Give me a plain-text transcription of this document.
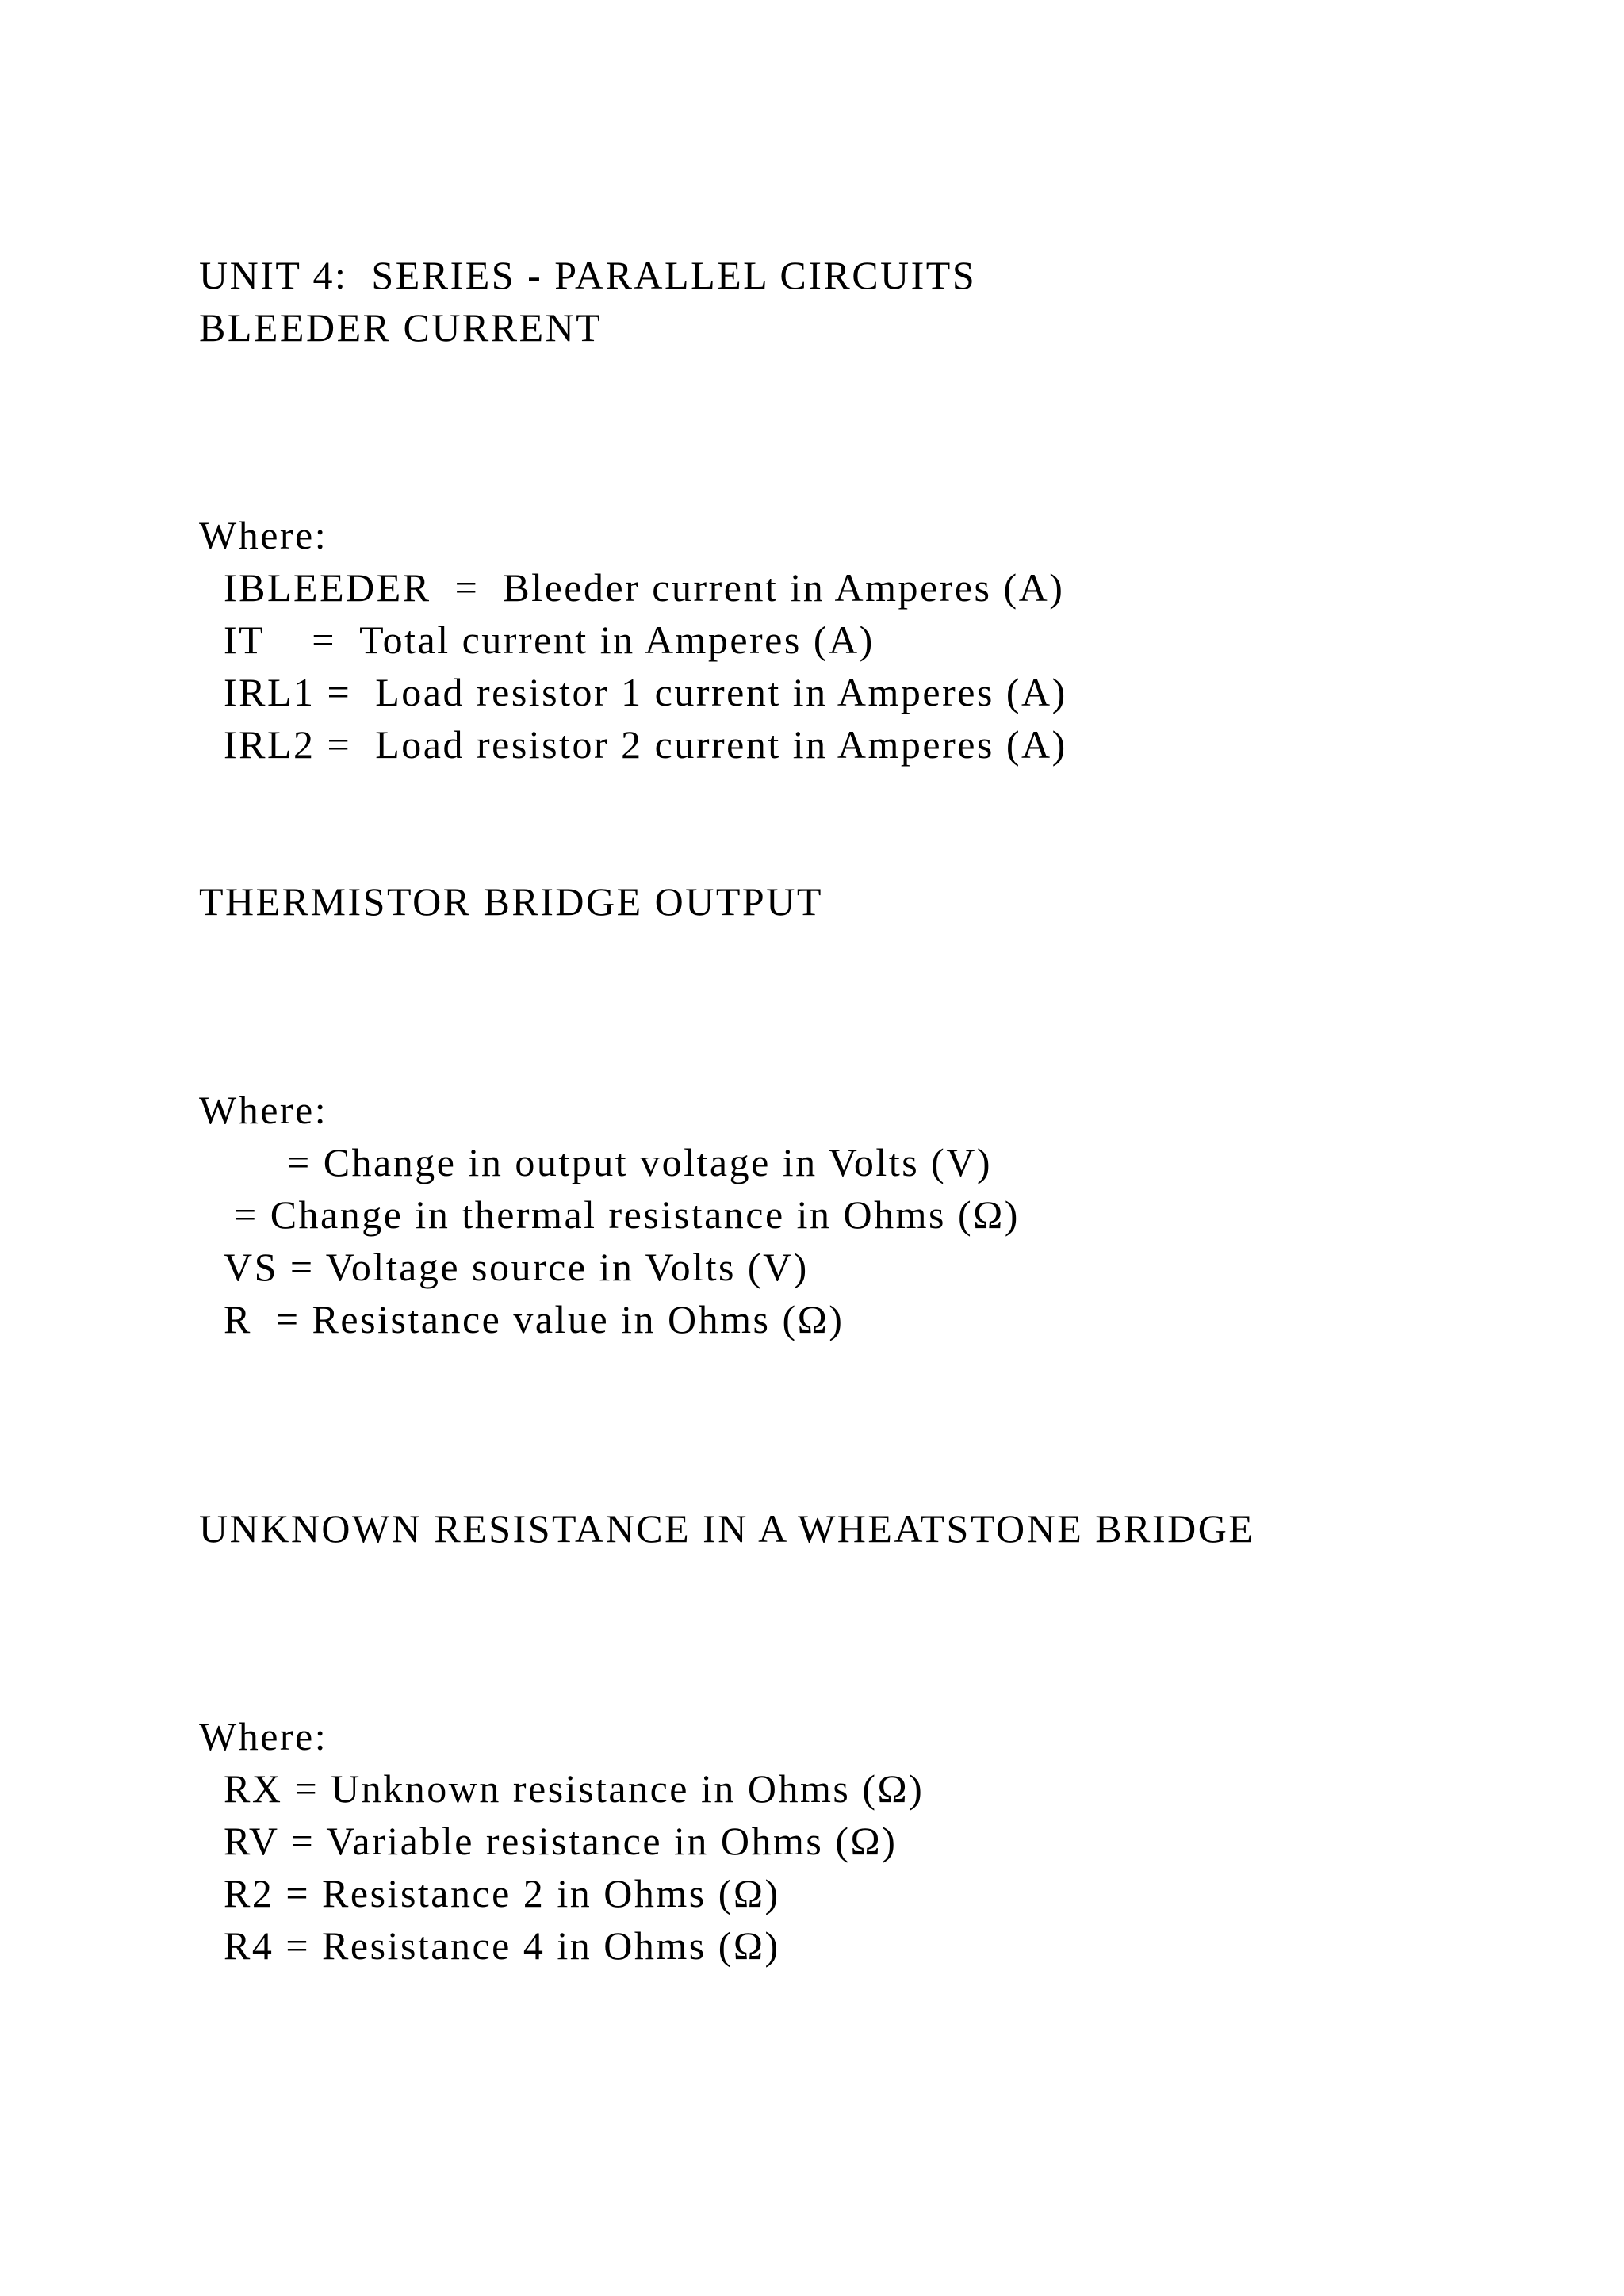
UNIT 4:  SERIES - PARALLEL CIRCUITS
BLEEDER CURRENT
Where:
IBLEEDER  =  Bleeder current in Amperes (A)
IT    =  Total current in Amperes (A)
IRL1 =  Load resistor 1 current in Amperes (A)
IRL2 =  Load resistor 2 current in Amperes (A)
THERMISTOR BRIDGE OUTPUT
Where:
= Change in output voltage in Volts (V)
= Change in thermal resistance in Ohms (Ω)
VS = Voltage source in Volts (V)
R  = Resistance value in Ohms (Ω)
UNKNOWN RESISTANCE IN A WHEATSTONE BRIDGE
Where:
RX = Unknown resistance in Ohms (Ω)
RV = Variable resistance in Ohms (Ω)
R2 = Resistance 2 in Ohms (Ω)
R4 = Resistance 4 in Ohms (Ω)
